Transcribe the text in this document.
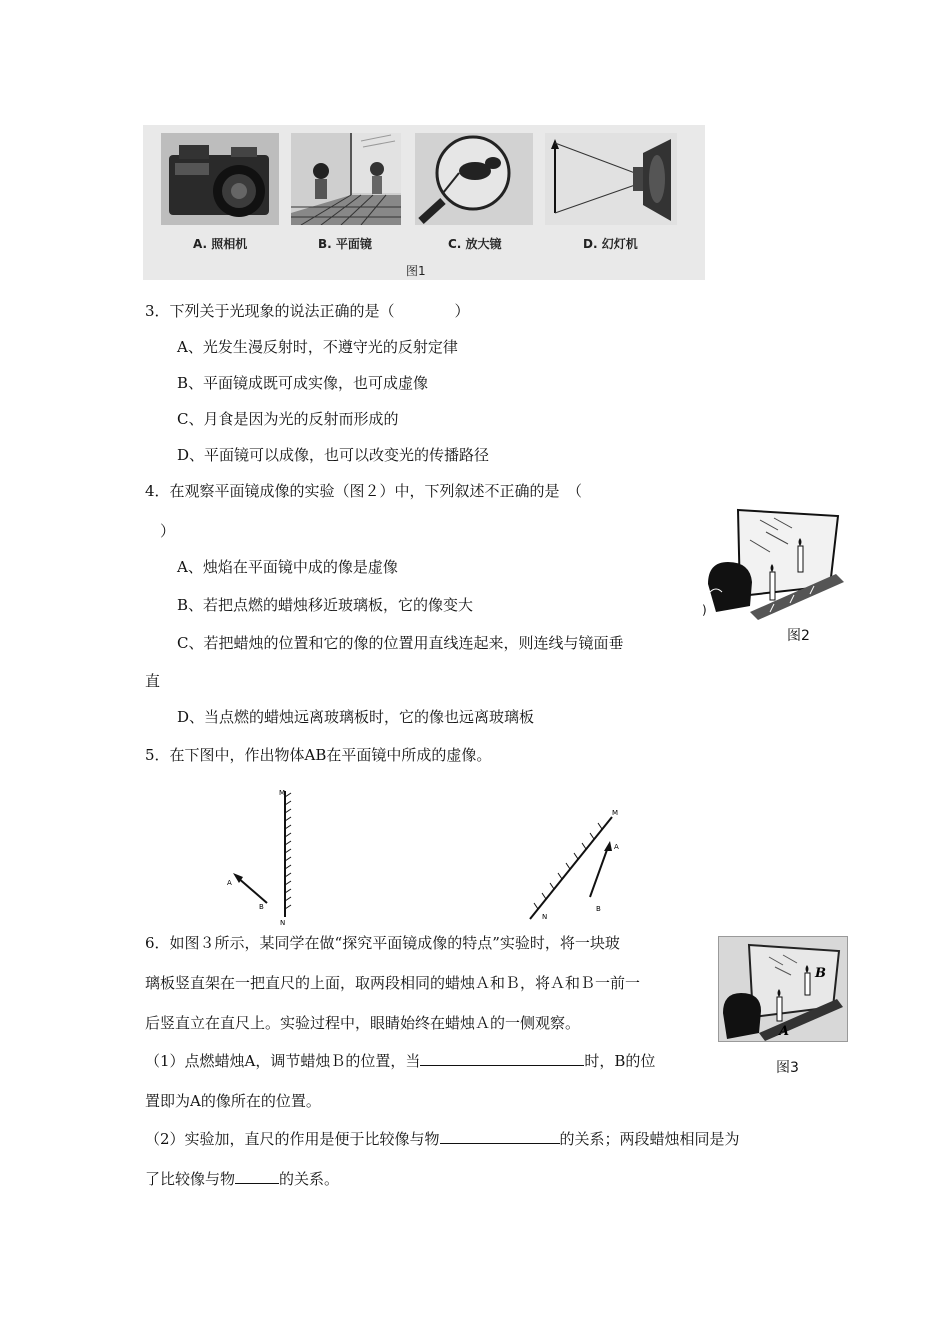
A. 照相机	B. 平面镜	C. 放大镜	D. 幻灯机
图1
3．下列关于光现象的说法正确的是（　　　　）
A、光发生漫反射时，不遵守光的反射定律
B、平面镜成既可成实像，也可成虚像
C、月食是因为光的反射而形成的
D、平面镜可以成像，也可以改变光的传播路径
4．在观察平面镜成像的实验（图２）中，下列叙述不正确的是　（
）
A、烛焰在平面镜中成的像是虚像
B、若把点燃的蜡烛移近玻璃板，它的像变大
C、若把蜡烛的位置和它的像的位置用直线连起来，则连线与镜面垂
直
D、当点燃的蜡烛远离玻璃板时，它的像也远离玻璃板
)
图2
5．在下图中，作出物体AB在平面镜中所成的虚像。
M
N
A
B
M
N
A
B
6．如图３所示，某同学在做“探究平面镜成像的特点”实验时，将一块玻
璃板竖直架在一把直尺的上面，取两段相同的蜡烛Ａ和Ｂ，将Ａ和Ｂ一前一
后竖直立在直尺上。实验过程中，眼睛始终在蜡烛Ａ的一侧观察。
（1）点燃蜡烛A，调节蜡烛Ｂ的位置，当	时，B的位
置即为A的像所在的位置。
（2）实验加，直尺的作用是便于比较像与物	的关系；两段蜡烛相同是为
了比较像与物	的关系。
B
A
图3
